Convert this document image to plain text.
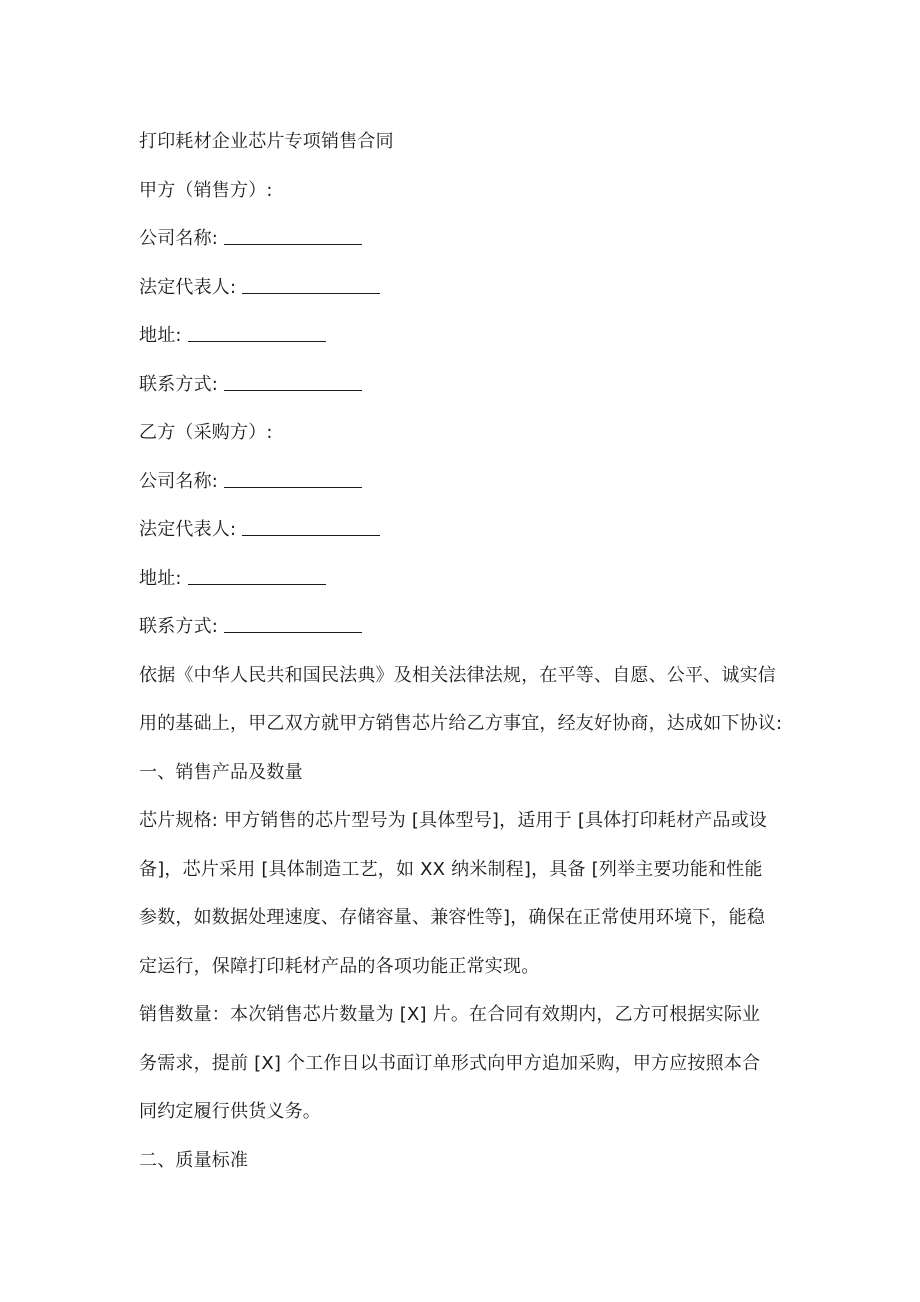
打印耗材企业芯片专项销售合同
甲方（销售方）:
公司名称:
法定代表人:
地址:
联系方式:
乙方（采购方）:
公司名称:
法定代表人:
地址:
联系方式:
依据《中华人民共和国民法典》及相关法律法规，在平等、自愿、公平、诚实信
用的基础上，甲乙双方就甲方销售芯片给乙方事宜，经友好协商，达成如下协议:
一、销售产品及数量
芯片规格: 甲方销售的芯片型号为 [具体型号]，适用于 [具体打印耗材产品或设
备]，芯片采用 [具体制造工艺，如 XX 纳米制程]，具备 [列举主要功能和性能
参数，如数据处理速度、存储容量、兼容性等]，确保在正常使用环境下，能稳
定运行，保障打印耗材产品的各项功能正常实现。
销售数量：本次销售芯片数量为 [X] 片。在合同有效期内，乙方可根据实际业
务需求，提前 [X] 个工作日以书面订单形式向甲方追加采购，甲方应按照本合
同约定履行供货义务。
二、质量标准
